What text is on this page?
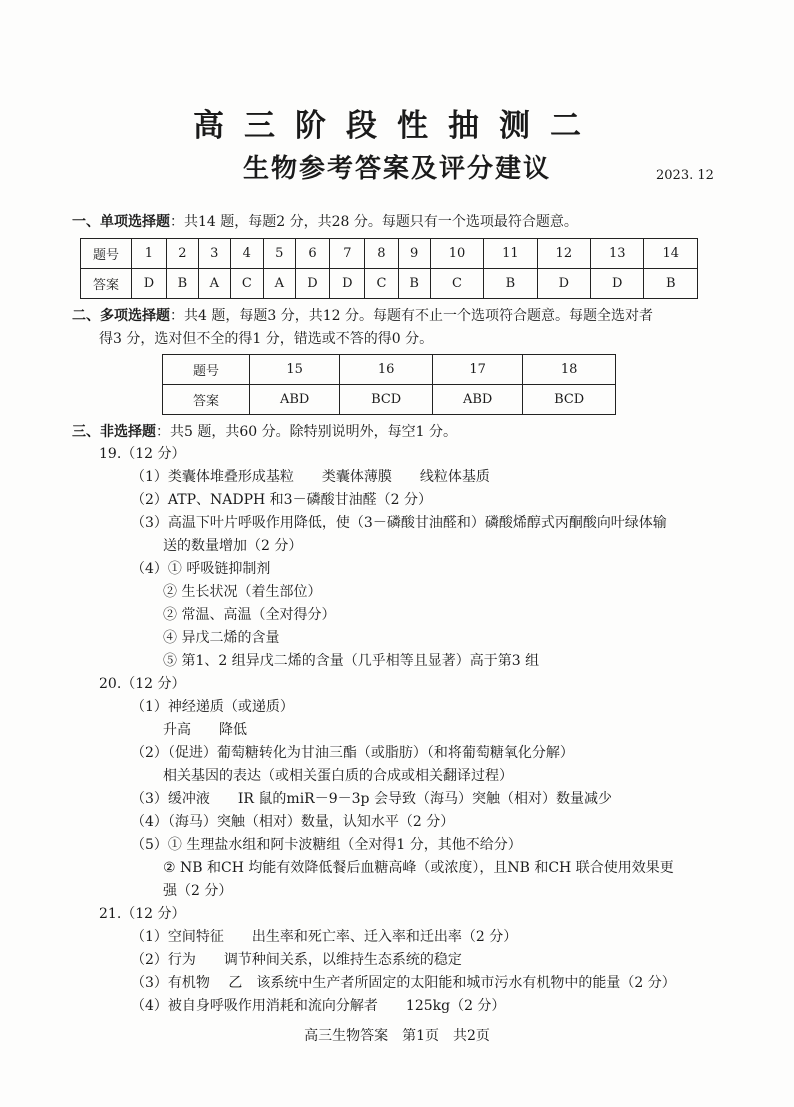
高三阶段性抽测二
生物参考答案及评分建议	2023. 12
一、单项选择题：共14 题，每题2 分，共28 分。每题只有一个选项最符合题意。
题号	1	2	3	4	5	6	7	8	9	10	11	12	13	14
答案	D	B	A	C	A	D	D	C	B	C	B	D	D	B
二、多项选择题：共4 题，每题3 分，共12 分。每题有不止一个选项符合题意。每题全选对者
得3 分，选对但不全的得1 分，错选或不答的得0 分。
题号	15	16	17	18
答案	ABD	BCD	ABD	BCD
三、非选择题：共5 题，共60 分。除特别说明外，每空1 分。
19.（12 分）
（1）类囊体堆叠形成基粒　　类囊体薄膜　　线粒体基质
（2）ATP、NADPH 和3－磷酸甘油醛（2 分）
（3）高温下叶片呼吸作用降低，使（3－磷酸甘油醛和）磷酸烯醇式丙酮酸向叶绿体输
送的数量增加（2 分）
（4）① 呼吸链抑制剂
② 生长状况（着生部位）
② 常温、高温（全对得分）
④ 异戊二烯的含量
⑤ 第1、2 组异戊二烯的含量（几乎相等且显著）高于第3 组
20.（12 分）
（1）神经递质（或递质）
升高　　降低
（2）（促进）葡萄糖转化为甘油三酯（或脂肪）（和将葡萄糖氧化分解）
相关基因的表达（或相关蛋白质的合成或相关翻译过程）
（3）缓冲液　　IR 鼠的miR－9－3p 会导致（海马）突触（相对）数量减少
（4）（海马）突触（相对）数量，认知水平（2 分）
（5）① 生理盐水组和阿卡波糖组（全对得1 分，其他不给分）
② NB 和CH 均能有效降低餐后血糖高峰（或浓度），且NB 和CH 联合使用效果更
强（2 分）
21.（12 分）
（1）空间特征　　出生率和死亡率、迁入率和迁出率（2 分）
（2）行为　　调节种间关系，以维持生态系统的稳定
（3）有机物　 乙　该系统中生产者所固定的太阳能和城市污水有机物中的能量（2 分）
（4）被自身呼吸作用消耗和流向分解者　　125kg（2 分）
高三生物答案　第1页　共2页
